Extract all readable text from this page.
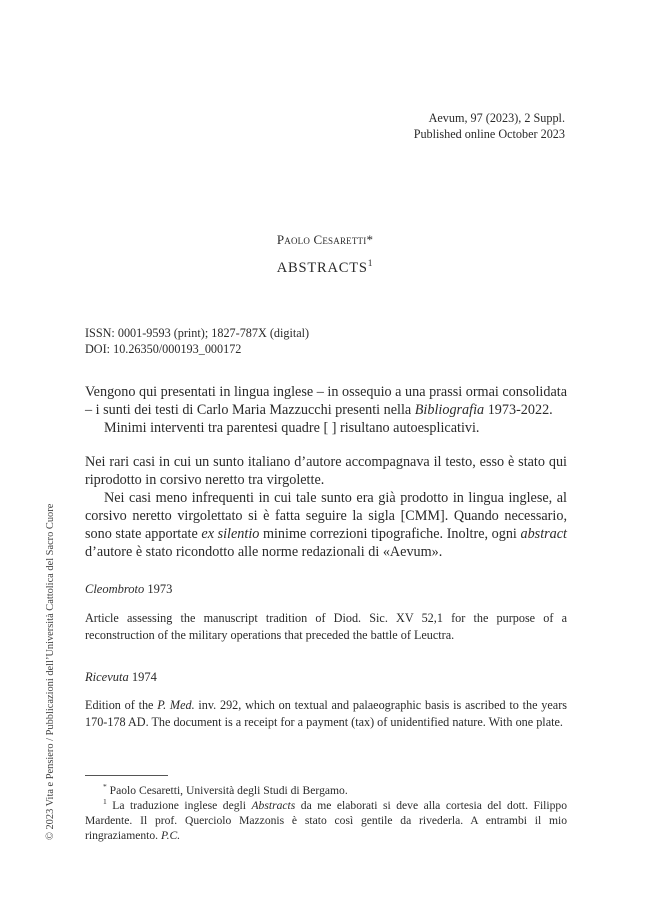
Aevum, 97 (2023), 2 Suppl.
Published online October 2023
Paolo Cesaretti*
ABSTRACTS$^1$
ISSN: 0001-9593 (print); 1827-787X (digital)
DOI: 10.26350/000193_000172

Vengono qui presentati in lingua inglese – in ossequio a una prassi ormai consolidata – i sunti dei testi di Carlo Maria Mazzucchi presenti nella Bibliografia 1973-2022.

Minimi interventi tra parentesi quadre [ ] risultano autoesplicativi.

Nei rari casi in cui un sunto italiano d’autore accompagnava il testo, esso è stato qui riprodotto in corsivo neretto tra virgolette.

Nei casi meno infrequenti in cui tale sunto era già prodotto in lingua inglese, al corsivo neretto virgolettato si è fatta seguire la sigla [CMM]. Quando necessario, sono state apportate ex silentio minime correzioni tipografiche. Inoltre, ogni abstract d’autore è stato ricondotto alle norme redazionali di «Aevum».

Cleombroto 1973
Article assessing the manuscript tradition of Diod. Sic. XV 52,1 for the purpose of a reconstruction of the military operations that preceded the battle of Leuctra.
Ricevuta 1974
Edition of the P. Med. inv. 292, which on textual and palaeographic basis is ascribed to the years 170-178 AD. The document is a receipt for a payment (tax) of unidentified nature. With one plate.

* Paolo Cesaretti, Università degli Studi di Bergamo.

$^1$ La traduzione inglese degli Abstracts da me elaborati si deve alla cortesia del dott. Filippo Mardente. Il prof. Querciolo Mazzonis è stato così gentile da rivederla. A entrambi il mio ringraziamento. P.C.

© 2023 Vita e Pensiero / Pubblicazioni dell’Università Cattolica del Sacro Cuore
